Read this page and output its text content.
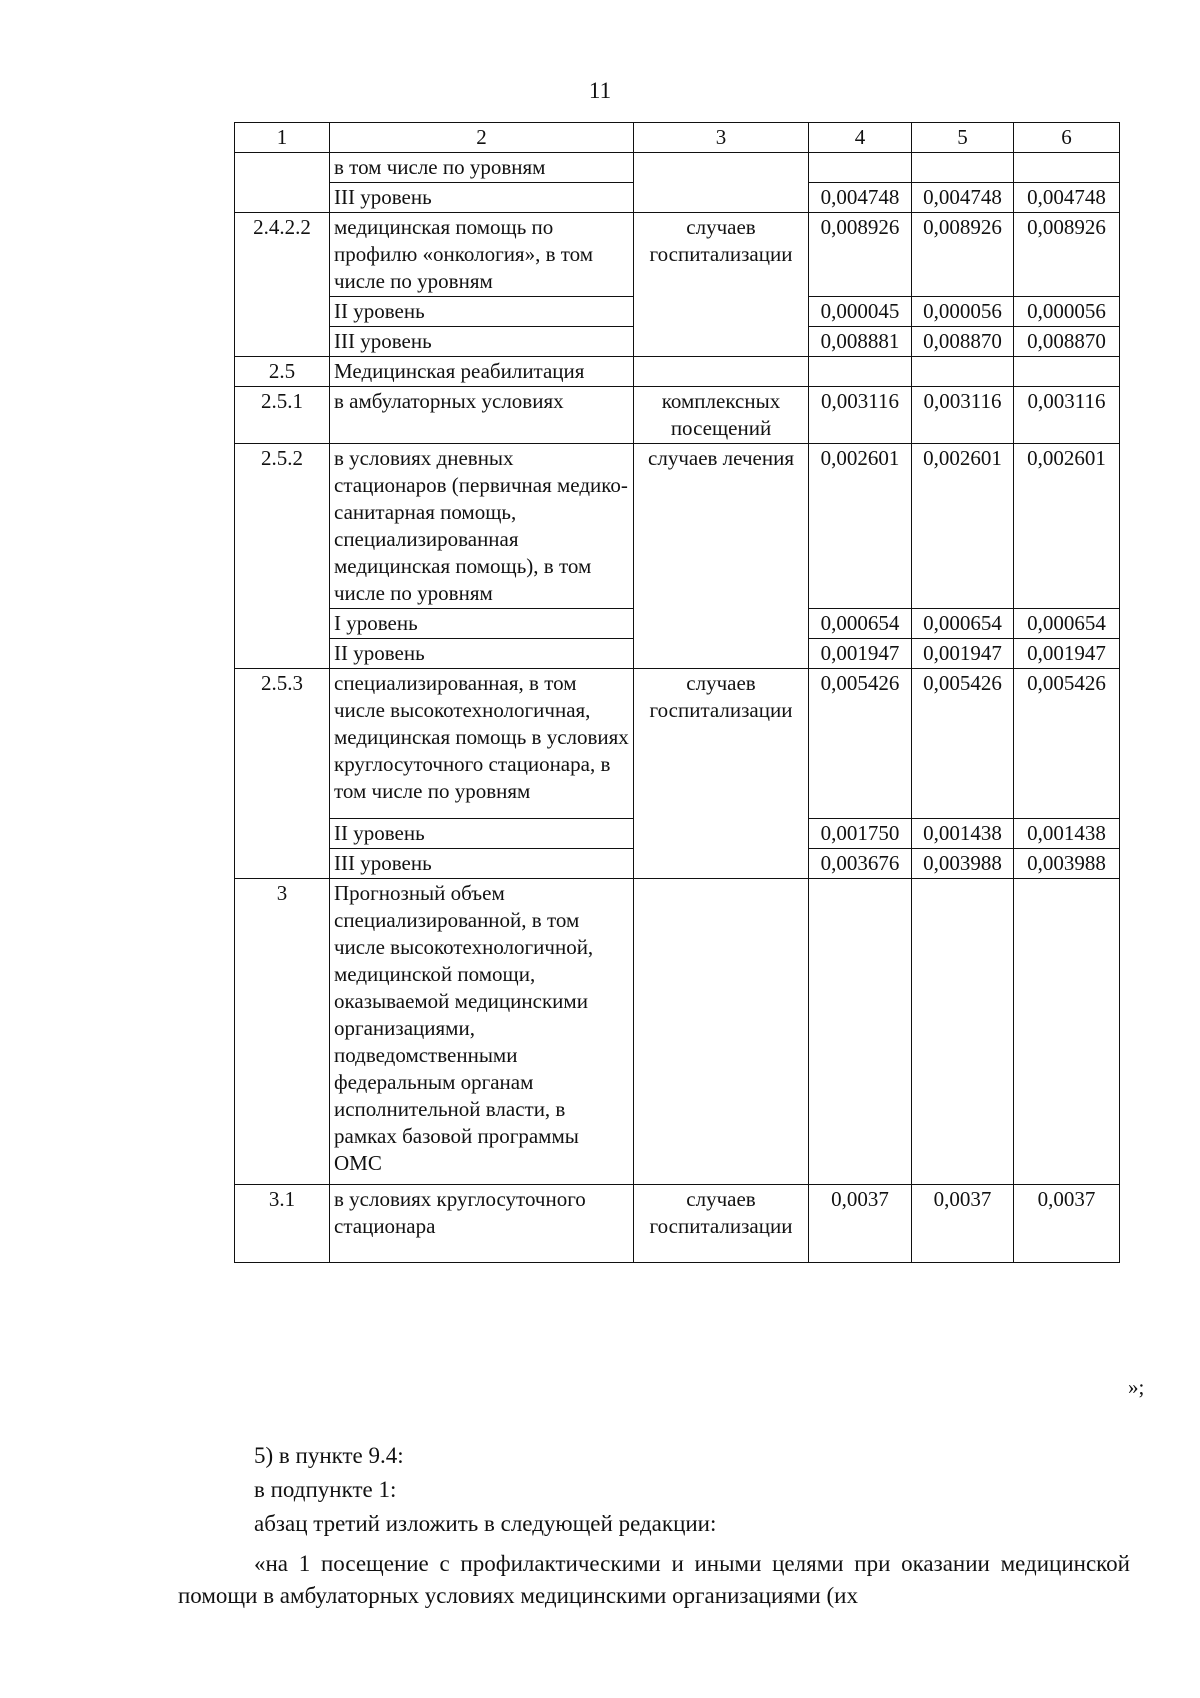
11
1	2	3	4	5	6
	в том числе по уровням				
	III уровень		0,004748	0,004748	0,004748
2.4.2.2	медицинская помощь по профилю «онкология», в том числе по уровням	случаев госпитализации	0,008926	0,008926	0,008926
	II уровень		0,000045	0,000056	0,000056
	III уровень		0,008881	0,008870	0,008870
2.5	Медицинская реабилитация				
2.5.1	в амбулаторных условиях	комплексных посещений	0,003116	0,003116	0,003116
2.5.2	в условиях дневных стационаров (первичная медико-санитарная помощь, специализированная медицинская помощь), в том числе по уровням	случаев лечения	0,002601	0,002601	0,002601
	I уровень		0,000654	0,000654	0,000654
	II уровень		0,001947	0,001947	0,001947
2.5.3	специализированная, в том числе высокотехнологичная, медицинская помощь в условиях круглосуточного стационара, в том числе по уровням	случаев госпитализации	0,005426	0,005426	0,005426
	II уровень		0,001750	0,001438	0,001438
	III уровень		0,003676	0,003988	0,003988
3	Прогнозный объем специализированной, в том числе высокотехнологичной, медицинской помощи, оказываемой медицинскими организациями, подведомственными федеральным органам исполнительной власти, в рамках базовой программы ОМС				
3.1	в условиях круглосуточного стационара	случаев госпитализации	0,0037	0,0037	0,0037
»;
5) в пункте 9.4:
в подпункте 1:
абзац третий изложить в следующей редакции:
«на 1 посещение с профилактическими и иными целями при оказании медицинской помощи в амбулаторных условиях медицинскими организациями (их
